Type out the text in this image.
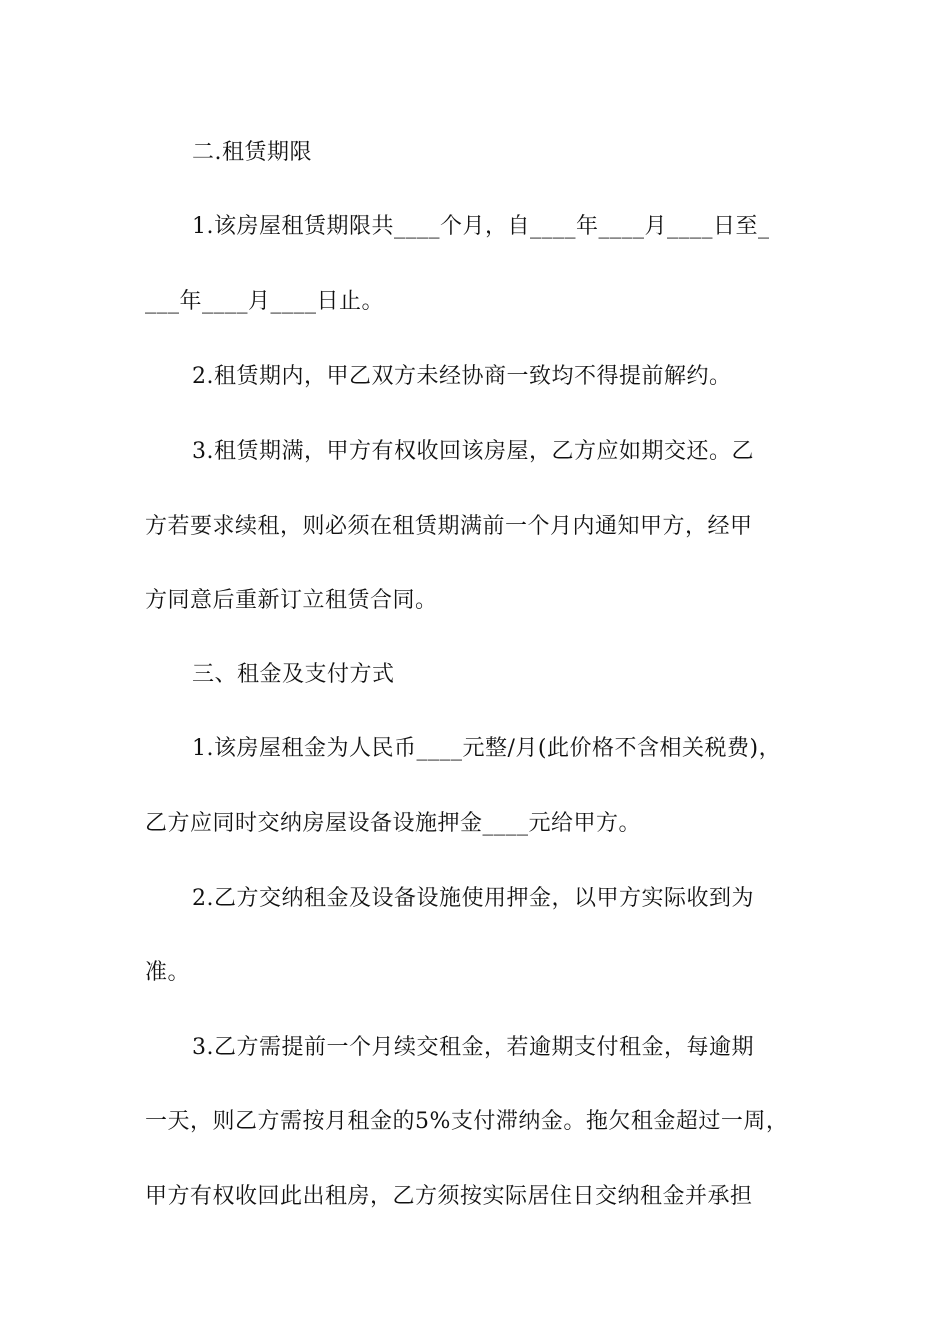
二.租赁期限
1.该房屋租赁期限共____个月，自____年____月____日至_
___年____月____日止。
2.租赁期内，甲乙双方未经协商一致均不得提前解约。
3.租赁期满，甲方有权收回该房屋，乙方应如期交还。乙
方若要求续租，则必须在租赁期满前一个月内通知甲方，经甲
方同意后重新订立租赁合同。
三、租金及支付方式
1.该房屋租金为人民币____元整/月(此价格不含相关税费)，
乙方应同时交纳房屋设备设施押金____元给甲方。
2.乙方交纳租金及设备设施使用押金，以甲方实际收到为
准。
3.乙方需提前一个月续交租金，若逾期支付租金，每逾期
一天，则乙方需按月租金的5%支付滞纳金。拖欠租金超过一周，
甲方有权收回此出租房，乙方须按实际居住日交纳租金并承担
